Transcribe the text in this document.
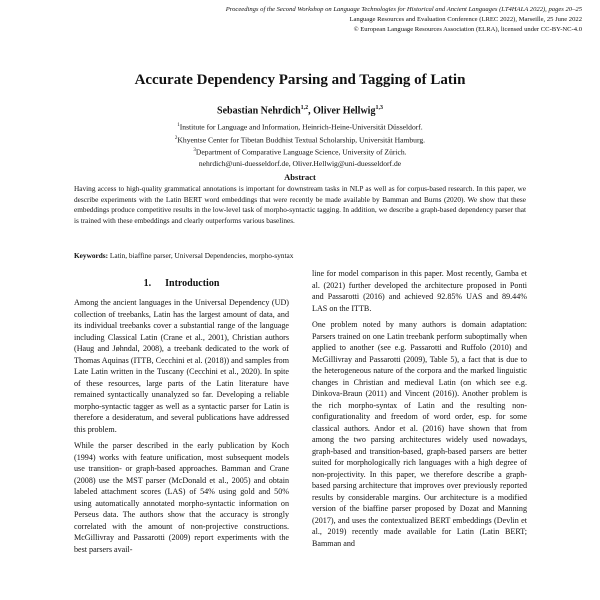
Proceedings of the Second Workshop on Language Technologies for Historical and Ancient Languages (LT4HALA 2022), pages 20–25
Language Resources and Evaluation Conference (LREC 2022), Marseille, 25 June 2022
© European Language Resources Association (ELRA), licensed under CC-BY-NC-4.0
Accurate Dependency Parsing and Tagging of Latin
Sebastian Nehrdich$^{1,2}$, Oliver Hellwig$^{1,3}$
$^1$Institute for Language and Information, Heinrich-Heine-Universität Düsseldorf.
$^2$Khyentse Center for Tibetan Buddhist Textual Scholarship, Universität Hamburg.
$^3$Department of Comparative Language Science, University of Zürich.
nehrdich@uni-duesseldorf.de, Oliver.Hellwig@uni-duesseldorf.de
Abstract
Having access to high-quality grammatical annotations is important for downstream tasks in NLP as well as for corpus-based research. In this paper, we describe experiments with the Latin BERT word embeddings that were recently be made available by Bamman and Burns (2020). We show that these embeddings produce competitive results in the low-level task of morpho-syntactic tagging. In addition, we describe a graph-based dependency parser that is trained with these embeddings and clearly outperforms various baselines.
Keywords: Latin, biaffine parser, Universal Dependencies, morpho-syntax
1. Introduction

Among the ancient languages in the Universal Dependency (UD) collection of treebanks, Latin has the largest amount of data, and its individual treebanks cover a substantial range of the language including Classical Latin (Crane et al., 2001), Christian authors (Haug and Jøhndal, 2008), a treebank dedicated to the work of Thomas Aquinas (ITTB, Cecchini et al. (2018)) and samples from Late Latin written in the Tuscany (Cecchini et al., 2020). In spite of these resources, large parts of the Latin literature have remained syntactically unanalyzed so far. Developing a reliable morpho-syntactic tagger as well as a syntactic parser for Latin is therefore a desideratum, and several publications have addressed this problem.

While the parser described in the early publication by Koch (1994) works with feature unification, most subsequent models use transition- or graph-based approaches. Bamman and Crane (2008) use the MST parser (McDonald et al., 2005) and obtain labeled attachment scores (LAS) of 54% using gold and 50% using automatically annotated morpho-syntactic information on Perseus data. The authors show that the accuracy is strongly correlated with the amount of non-projective constructions. McGillivray and Passarotti (2009) report experiments with the best parsers avail-

line for model comparison in this paper. Most recently, Gamba et al. (2021) further developed the architecture proposed in Ponti and Passarotti (2016) and achieved 92.85% UAS and 89.44% LAS on the ITTB.

One problem noted by many authors is domain adaptation: Parsers trained on one Latin treebank perform suboptimally when applied to another (see e.g. Passarotti and Ruffolo (2010) and McGillivray and Passarotti (2009), Table 5), a fact that is due to the heterogeneous nature of the corpora and the marked linguistic changes in Christian and medieval Latin (on which see e.g. Dinkova-Braun (2011) and Vincent (2016)). Another problem is the rich morpho-syntax of Latin and the resulting non-configurationality and freedom of word order, esp. for some classical authors. Andor et al. (2016) have shown that from among the two parsing architectures widely used nowadays, graph-based and transition-based, graph-based parsers are better suited for morphologically rich languages with a high degree of non-projectivity. In this paper, we therefore describe a graph-based parsing architecture that improves over previously reported results by considerable margins. Our architecture is a modified version of the biaffine parser proposed by Dozat and Manning (2017), and uses the contextualized BERT embeddings (Devlin et al., 2019) recently made available for Latin (Latin BERT; Bamman and
